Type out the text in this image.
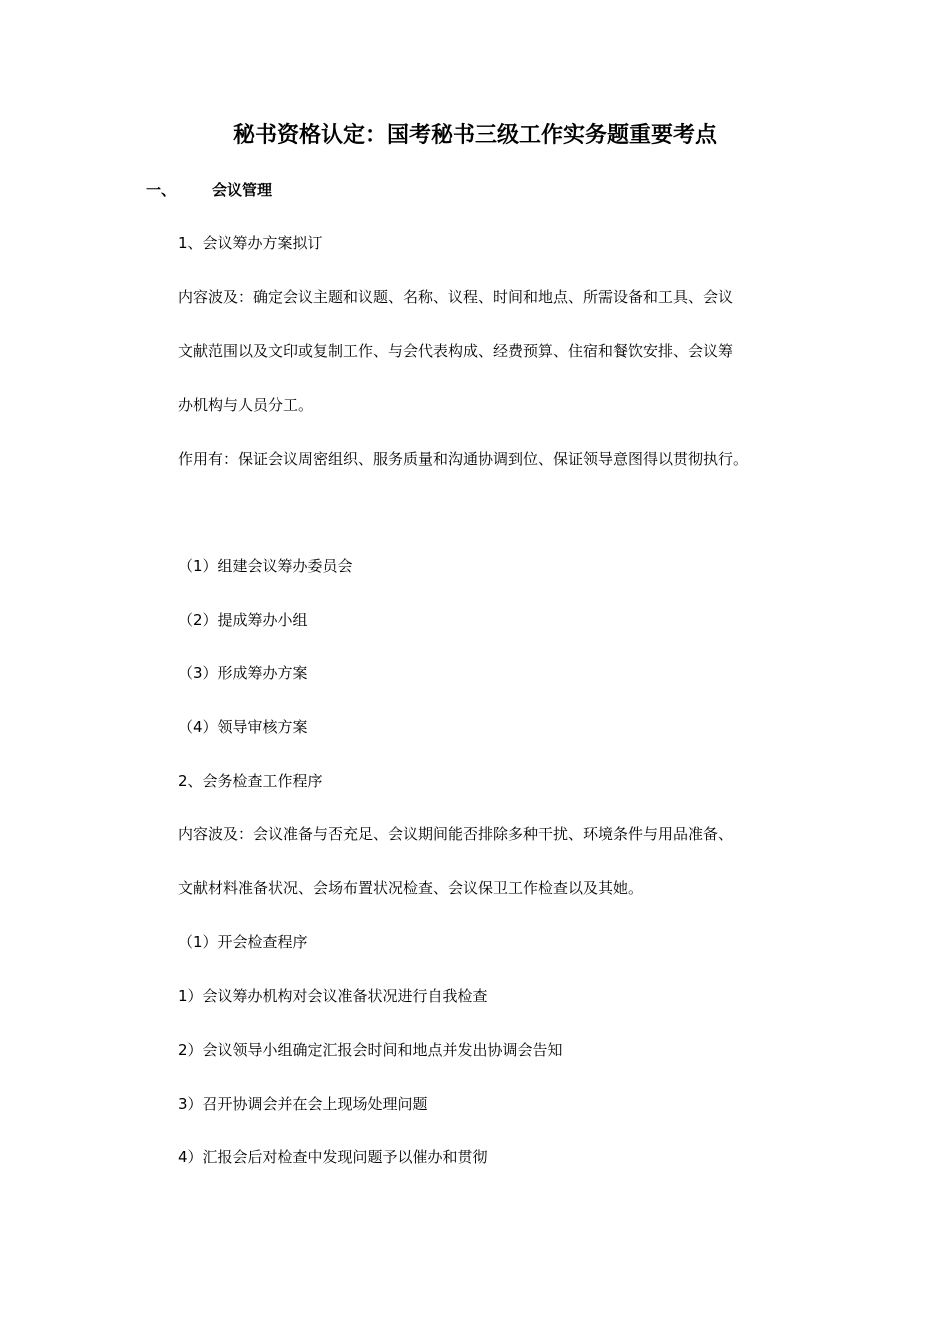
秘书资格认定：国考秘书三级工作实务题重要考点
一、 会议管理
1、会议筹办方案拟订
内容波及：确定会议主题和议题、名称、议程、时间和地点、所需设备和工具、会议
文献范围以及文印或复制工作、与会代表构成、经费预算、住宿和餐饮安排、会议筹
办机构与人员分工。
作用有：保证会议周密组织、服务质量和沟通协调到位、保证领导意图得以贯彻执行。
（1）组建会议筹办委员会
（2）提成筹办小组
（3）形成筹办方案
（4）领导审核方案
2、会务检查工作程序
内容波及：会议准备与否充足、会议期间能否排除多种干扰、环境条件与用品准备、
文献材料准备状况、会场布置状况检查、会议保卫工作检查以及其她。
（1）开会检查程序
1）会议筹办机构对会议准备状况进行自我检查
2）会议领导小组确定汇报会时间和地点并发出协调会告知
3）召开协调会并在会上现场处理问题
4）汇报会后对检查中发现问题予以催办和贯彻
